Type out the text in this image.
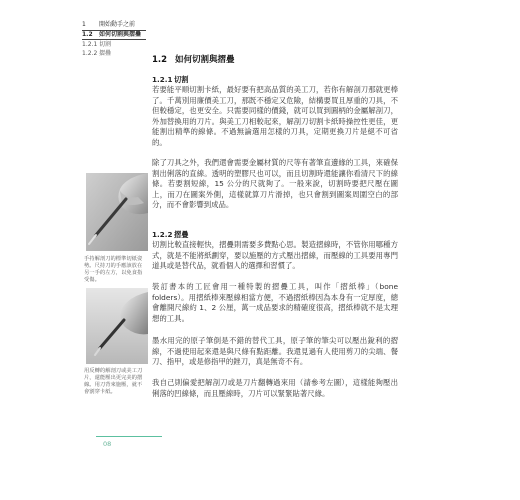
1	開始動手之前
1.2	如何切割與摺疊
1.2.1 切割
1.2.2 摺疊
1.2 如何切割與摺疊
1.2.1 切割

若要能平順切割卡紙，最好要有把高品質的美工刀，若你有解剖刀那就更棒了。千萬別用廉價美工刀，那既不穩定又危險，結構要買且厚重的刀具，不但較穩定，也更安全。只需要同樣的價錢，就可以買到圓柄的金屬解剖刀，外加替換用的刀片。與美工刀相較起來，解剖刀切割卡紙時操控性更佳，更能割出精準的線條。不過無論選用怎樣的刀具，定期更換刀片是絕不可省的。

除了刀具之外，我們還會需要金屬材質的尺等有著筆直邊緣的工具，來確保割出俐落的直線。透明的塑膠尺也可以，而且切割時還能讓你看清尺下的線條。若要割短線，15 公分的尺就夠了。一般來說，切割時要把尺壓在圖上，而刀在圖案外側，這樣就算刀片滑掉，也只會割到圖案周圍空白的部分，而不會影響到成品。

1.2.2 摺疊

切割比較直接輕快，摺疊則需要多費點心思。製造摺線時，不管你用哪種方式，就是不能將紙劃穿，要以施壓的方式壓出摺線，而壓線的工具要用專門道具或是替代品，就看個人的選擇和習慣了。

裝訂書本的工匠會用一種特製的摺疊工具，叫作「摺紙棒」（bone folders）。用摺紙棒來壓線相當方便，不過摺紙棒因為本身有一定厚度，總會離開尺線約 1、2 公厘，萬一成品要求的精確度很高，摺紙棒就不是太理想的工具。

墨水用完的原子筆倒是不錯的替代工具，原子筆的筆尖可以壓出銳利的摺線，不過使用起來還是與尺條有點距離。我還見過有人使用剪刀的尖端、餐刀、指甲，或是修指甲的銼刀，真是無奇不有。

我自己則偏愛把解剖刀或是刀片翻轉過來用（請參考左圖），這樣能夠壓出俐落的凹線條，而且壓線時，刀片可以緊緊貼著尺緣。

手持解剖刀的標準切紙姿勢。尺持刀的手應該放在另一手的左方，以免食指受傷。
用反轉的解剖刀或美工刀片，還能壓出更完美的摺線。用刀背來施壓，就不會割穿卡紙。
08
